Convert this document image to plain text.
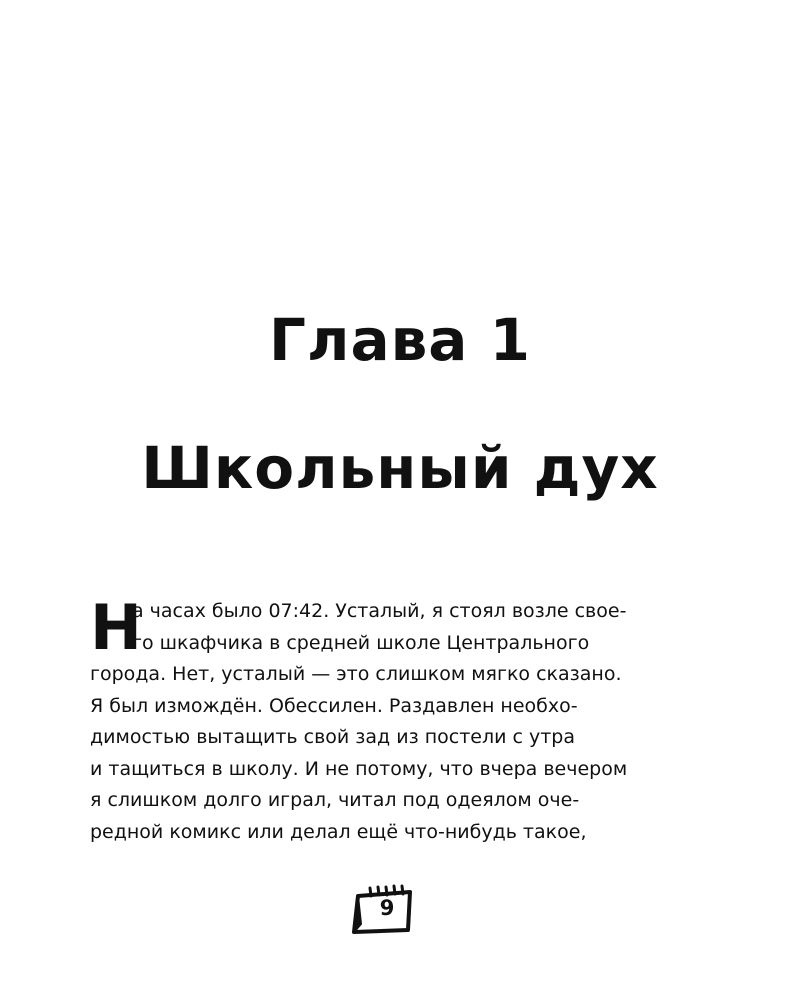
Глава 1
Школьный дух
Н
а часах было 07:42. Усталый, я стоял возле свое-
го шкафчика в средней школе Центрального
города. Нет, усталый — это слишком мягко сказано.
Я был измождён. Обессилен. Раздавлен необхо-
димостью вытащить свой зад из постели с утра
и тащиться в школу. И не потому, что вчера вечером
я слишком долго играл, читал под одеялом оче-
редной комикс или делал ещё что-нибудь такое,
9
